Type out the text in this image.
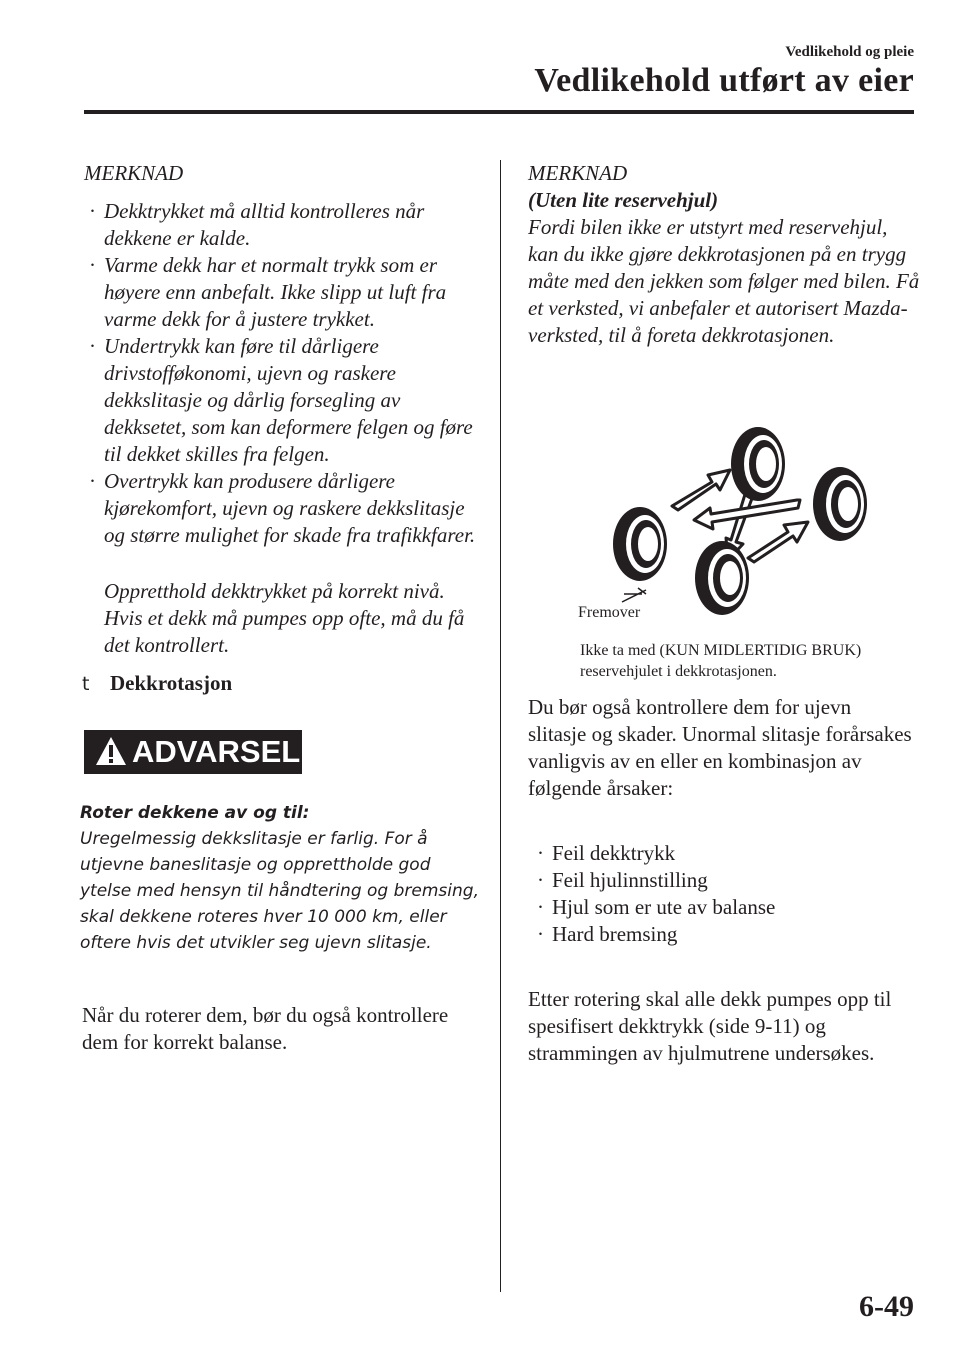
Vedlikehold og pleie
Vedlikehold utført av eier
MERKNAD
· Dekktrykket må alltid kontrolleres når dekkene er kalde.
· Varme dekk har et normalt trykk som er høyere enn anbefalt. Ikke slipp ut luft fra varme dekk for å justere trykket.
· Undertrykk kan føre til dårligere drivstofføkonomi, ujevn og raskere dekkslitasje og dårlig forsegling av dekksetet, som kan deformere felgen og føre til dekket skilles fra felgen.
· Overtrykk kan produsere dårligere kjørekomfort, ujevn og raskere dekkslitasje og større mulighet for skade fra trafikkfarer.
Oppretthold dekktrykket på korrekt nivå. Hvis et dekk må pumpes opp ofte, må du få det kontrollert.
t Dekkrotasjon
ADVARSEL
Roter dekkene av og til:
Uregelmessig dekkslitasje er farlig. For å utjevne baneslitasje og opprettholde god ytelse med hensyn til håndtering og bremsing, skal dekkene roteres hver 10 000 km, eller oftere hvis det utvikler seg ujevn slitasje.
Når du roterer dem, bør du også kontrollere dem for korrekt balanse.
MERKNAD
(Uten lite reservehjul)
Fordi bilen ikke er utstyrt med reservehjul, kan du ikke gjøre dekkrotasjonen på en trygg måte med den jekken som følger med bilen. Få et verksted, vi anbefaler et autorisert Mazda-verksted, til å foreta dekkrotasjonen.
Fremover
Ikke ta med (KUN MIDLERTIDIG BRUK) reservehjulet i dekkrotasjonen.
Du bør også kontrollere dem for ujevn slitasje og skader. Unormal slitasje forårsakes vanligvis av en eller en kombinasjon av følgende årsaker:
· Feil dekktrykk
· Feil hjulinnstilling
· Hjul som er ute av balanse
· Hard bremsing
Etter rotering skal alle dekk pumpes opp til spesifisert dekktrykk (side 9-11) og strammingen av hjulmutrene undersøkes.
6-49
